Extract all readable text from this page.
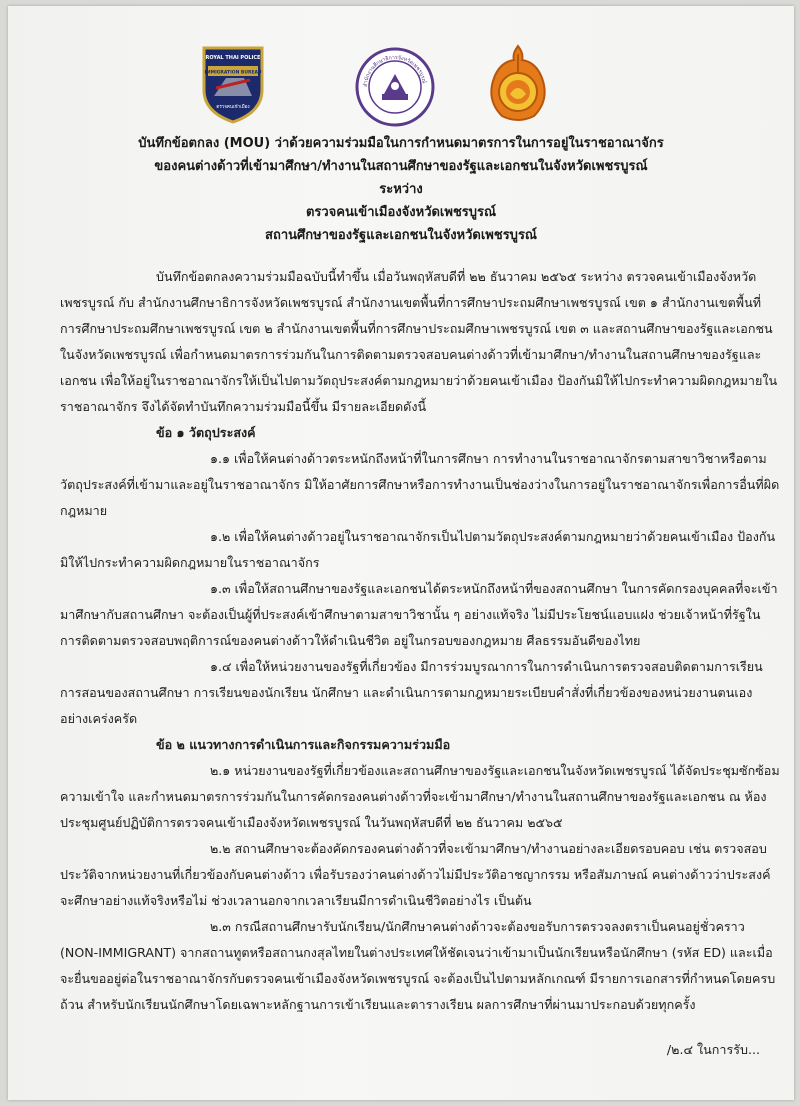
ROYAL THAI POLICE
IMMIGRATION BUREAU
ตรวจคนเข้าเมือง
สำนักงานศึกษาธิการจังหวัดเพชรบูรณ์
บันทึกข้อตกลง (MOU) ว่าด้วยความร่วมมือในการกำหนดมาตรการในการอยู่ในราชอาณาจักร
ของคนต่างด้าวที่เข้ามาศึกษา/ทำงานในสถานศึกษาของรัฐและเอกชนในจังหวัดเพชรบูรณ์
ระหว่าง
ตรวจคนเข้าเมืองจังหวัดเพชรบูรณ์
สถานศึกษาของรัฐและเอกชนในจังหวัดเพชรบูรณ์

บันทึกข้อตกลงความร่วมมือฉบับนี้ทำขึ้น เมื่อวันพฤหัสบดีที่ ๒๒ ธันวาคม ๒๕๖๕ ระหว่าง ตรวจคนเข้าเมืองจังหวัดเพชรบูรณ์ กับ สำนักงานศึกษาธิการจังหวัดเพชรบูรณ์ สำนักงานเขตพื้นที่การศึกษาประถมศึกษาเพชรบูรณ์ เขต ๑ สำนักงานเขตพื้นที่การศึกษาประถมศึกษาเพชรบูรณ์ เขต ๒ สำนักงานเขตพื้นที่การศึกษาประถมศึกษาเพชรบูรณ์ เขต ๓ และสถานศึกษาของรัฐและเอกชนในจังหวัดเพชรบูรณ์ เพื่อกำหนดมาตรการร่วมกันในการติดตามตรวจสอบคนต่างด้าวที่เข้ามาศึกษา/ทำงานในสถานศึกษาของรัฐและเอกชน เพื่อให้อยู่ในราชอาณาจักรให้เป็นไปตามวัตถุประสงค์ตามกฎหมายว่าด้วยคนเข้าเมือง ป้องกันมิให้ไปกระทำความผิดกฎหมายในราชอาณาจักร จึงได้จัดทำบันทึกความร่วมมือนี้ขึ้น มีรายละเอียดดังนี้

ข้อ ๑ วัตถุประสงค์

๑.๑ เพื่อให้คนต่างด้าวตระหนักถึงหน้าที่ในการศึกษา การทำงานในราชอาณาจักรตามสาขาวิชาหรือตามวัตถุประสงค์ที่เข้ามาและอยู่ในราชอาณาจักร มิให้อาศัยการศึกษาหรือการทำงานเป็นช่องว่างในการอยู่ในราชอาณาจักรเพื่อการอื่นที่ผิดกฎหมาย

๑.๒ เพื่อให้คนต่างด้าวอยู่ในราชอาณาจักรเป็นไปตามวัตถุประสงค์ตามกฎหมายว่าด้วยคนเข้าเมือง ป้องกันมิให้ไปกระทำความผิดกฎหมายในราชอาณาจักร

๑.๓ เพื่อให้สถานศึกษาของรัฐและเอกชนได้ตระหนักถึงหน้าที่ของสถานศึกษา ในการคัดกรองบุคคลที่จะเข้ามาศึกษากับสถานศึกษา จะต้องเป็นผู้ที่ประสงค์เข้าศึกษาตามสาขาวิชานั้น ๆ อย่างแท้จริง ไม่มีประโยชน์แอบแฝง ช่วยเจ้าหน้าที่รัฐในการติดตามตรวจสอบพฤติการณ์ของคนต่างด้าวให้ดำเนินชีวิต อยู่ในกรอบของกฎหมาย ศีลธรรมอันดีของไทย

๑.๔ เพื่อให้หน่วยงานของรัฐที่เกี่ยวข้อง มีการร่วมบูรณาการในการดำเนินการตรวจสอบติดตามการเรียนการสอนของสถานศึกษา การเรียนของนักเรียน นักศึกษา และดำเนินการตามกฎหมายระเบียบคำสั่งที่เกี่ยวข้องของหน่วยงานตนเองอย่างเคร่งครัด

ข้อ ๒ แนวทางการดำเนินการและกิจกรรมความร่วมมือ

๒.๑ หน่วยงานของรัฐที่เกี่ยวข้องและสถานศึกษาของรัฐและเอกชนในจังหวัดเพชรบูรณ์ ได้จัดประชุมซักซ้อมความเข้าใจ และกำหนดมาตรการร่วมกันในการคัดกรองคนต่างด้าวที่จะเข้ามาศึกษา/ทำงานในสถานศึกษาของรัฐและเอกชน ณ ห้องประชุมศูนย์ปฏิบัติการตรวจคนเข้าเมืองจังหวัดเพชรบูรณ์ ในวันพฤหัสบดีที่ ๒๒ ธันวาคม ๒๕๖๕

๒.๒ สถานศึกษาจะต้องคัดกรองคนต่างด้าวที่จะเข้ามาศึกษา/ทำงานอย่างละเอียดรอบคอบ เช่น ตรวจสอบประวัติจากหน่วยงานที่เกี่ยวข้องกับคนต่างด้าว เพื่อรับรองว่าคนต่างด้าวไม่มีประวัติอาชญากรรม หรือสัมภาษณ์ คนต่างด้าวว่าประสงค์จะศึกษาอย่างแท้จริงหรือไม่ ช่วงเวลานอกจากเวลาเรียนมีการดำเนินชีวิตอย่างไร เป็นต้น

๒.๓ กรณีสถานศึกษารับนักเรียน/นักศึกษาคนต่างด้าวจะต้องขอรับการตรวจลงตราเป็นคนอยู่ชั่วคราว (NON-IMMIGRANT) จากสถานทูตหรือสถานกงสุลไทยในต่างประเทศให้ชัดเจนว่าเข้ามาเป็นนักเรียนหรือนักศึกษา (รหัส ED) และเมื่อจะยื่นขออยู่ต่อในราชอาณาจักรกับตรวจคนเข้าเมืองจังหวัดเพชรบูรณ์ จะต้องเป็นไปตามหลักเกณฑ์ มีรายการเอกสารที่กำหนดโดยครบถ้วน สำหรับนักเรียนนักศึกษาโดยเฉพาะหลักฐานการเข้าเรียนและตารางเรียน ผลการศึกษาที่ผ่านมาประกอบด้วยทุกครั้ง

/๒.๔ ในการรับ...
